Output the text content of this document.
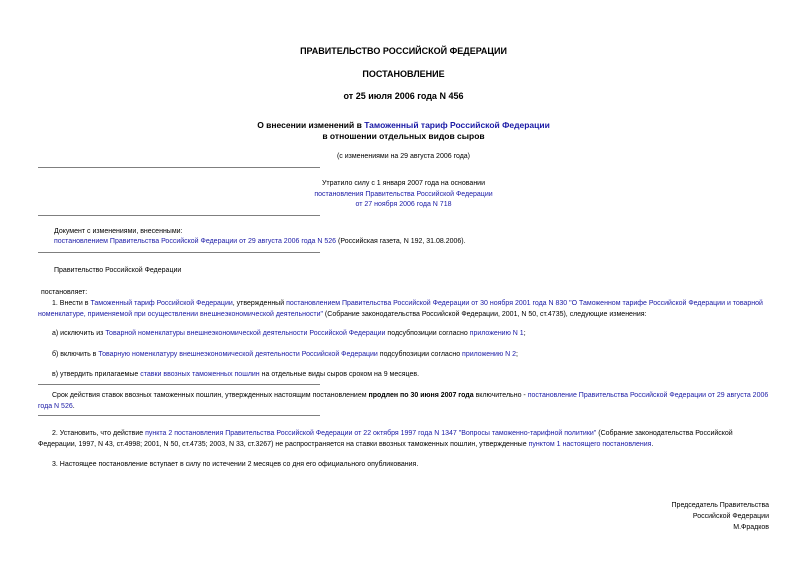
ПРАВИТЕЛЬСТВО РОССИЙСКОЙ ФЕДЕРАЦИИ
ПОСТАНОВЛЕНИЕ
от 25 июля 2006 года N 456
О внесении изменений в Таможенный тариф Российской Федерации
в отношении отдельных видов сыров
(с изменениями на 29 августа 2006 года)
Утратило силу с 1 января 2007 года на основании
постановления Правительства Российской Федерации
от 27 ноября 2006 года N 718
Документ с изменениями, внесенными:
постановлением Правительства Российской Федерации от 29 августа 2006 года N 526 (Российская газета, N 192, 31.08.2006).
Правительство Российской Федерации
постановляет:
1. Внести в Таможенный тариф Российской Федерации, утвержденный постановлением Правительства Российской Федерации от 30 ноября 2001 года N 830 "О Таможенном тарифе Российской Федерации и товарной номенклатуре, применяемой при осуществлении внешнеэкономической деятельности" (Собрание законодательства Российской Федерации, 2001, N 50, ст.4735), следующие изменения:
а) исключить из Товарной номенклатуры внешнеэкономической деятельности Российской Федерации подсубпозиции согласно приложению N 1;
б) включить в Товарную номенклатуру внешнеэкономической деятельности Российской Федерации подсубпозиции согласно приложению N 2;
в) утвердить прилагаемые ставки ввозных таможенных пошлин на отдельные виды сыров сроком на 9 месяцев.
Срок действия ставок ввозных таможенных пошлин, утвержденных настоящим постановлением продлен по 30 июня 2007 года включительно - постановление Правительства Российской Федерации от 29 августа 2006 года N 526.
2. Установить, что действие пункта 2 постановления Правительства Российской Федерации от 22 октября 1997 года N 1347 "Вопросы таможенно-тарифной политики" (Собрание законодательства Российской Федерации, 1997, N 43, ст.4998; 2001, N 50, ст.4735; 2003, N 33, ст.3267) не распространяется на ставки ввозных таможенных пошлин, утвержденные пунктом 1 настоящего постановления.
3. Настоящее постановление вступает в силу по истечении 2 месяцев со дня его официального опубликования.
Председатель Правительства
Российской Федерации
М.Фрадков
